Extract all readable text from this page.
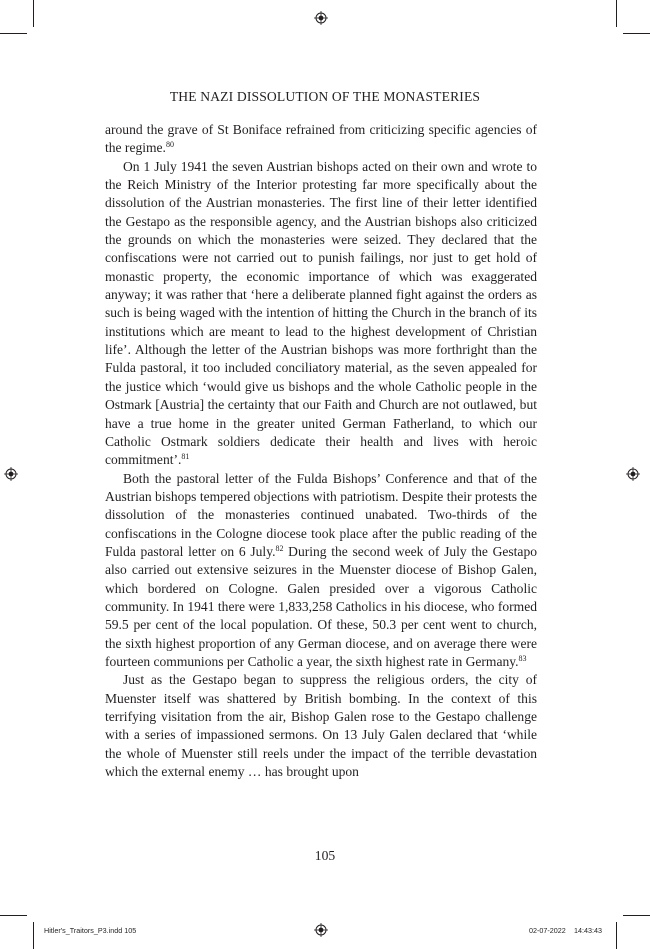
THE NAZI DISSOLUTION OF THE MONASTERIES

around the grave of St Boniface refrained from criticizing specific agencies of the regime.$^{80}$

On 1 July 1941 the seven Austrian bishops acted on their own and wrote to the Reich Ministry of the Interior protesting far more specifically about the dissolution of the Austrian monasteries. The first line of their letter identified the Gestapo as the responsible agency, and the Austrian bishops also criticized the grounds on which the monasteries were seized. They declared that the confiscations were not carried out to punish failings, nor just to get hold of monastic property, the economic importance of which was exaggerated anyway; it was rather that ‘here a deliberate planned fight against the orders as such is being waged with the intention of hitting the Church in the branch of its institutions which are meant to lead to the highest development of Christian life’. Although the letter of the Austrian bishops was more forthright than the Fulda pastoral, it too included conciliatory material, as the seven appealed for the justice which ‘would give us bishops and the whole Catholic people in the Ostmark [Austria] the certainty that our Faith and Church are not outlawed, but have a true home in the greater united German Fatherland, to which our Catholic Ostmark soldiers dedicate their health and lives with heroic commitment’.$^{81}$

Both the pastoral letter of the Fulda Bishops’ Conference and that of the Austrian bishops tempered objections with patriotism. Despite their protests the dissolution of the monasteries continued unabated. Two-thirds of the confiscations in the Cologne diocese took place after the public reading of the Fulda pastoral letter on 6 July.$^{82}$ During the second week of July the Gestapo also carried out extensive seizures in the Muenster diocese of Bishop Galen, which bordered on Cologne. Galen presided over a vigorous Catholic community. In 1941 there were 1,833,258 Catholics in his diocese, who formed 59.5 per cent of the local population. Of these, 50.3 per cent went to church, the sixth highest proportion of any German diocese, and on average there were fourteen communions per Catholic a year, the sixth highest rate in Germany.$^{83}$

Just as the Gestapo began to suppress the religious orders, the city of Muenster itself was shattered by British bombing. In the context of this terrifying visitation from the air, Bishop Galen rose to the Gestapo challenge with a series of impassioned sermons. On 13 July Galen declared that ‘while the whole of Muenster still reels under the impact of the terrible devastation which the external enemy … has brought upon

105
Hitler's_Traitors_P3.indd 105	02-07-2022 14:43:43
